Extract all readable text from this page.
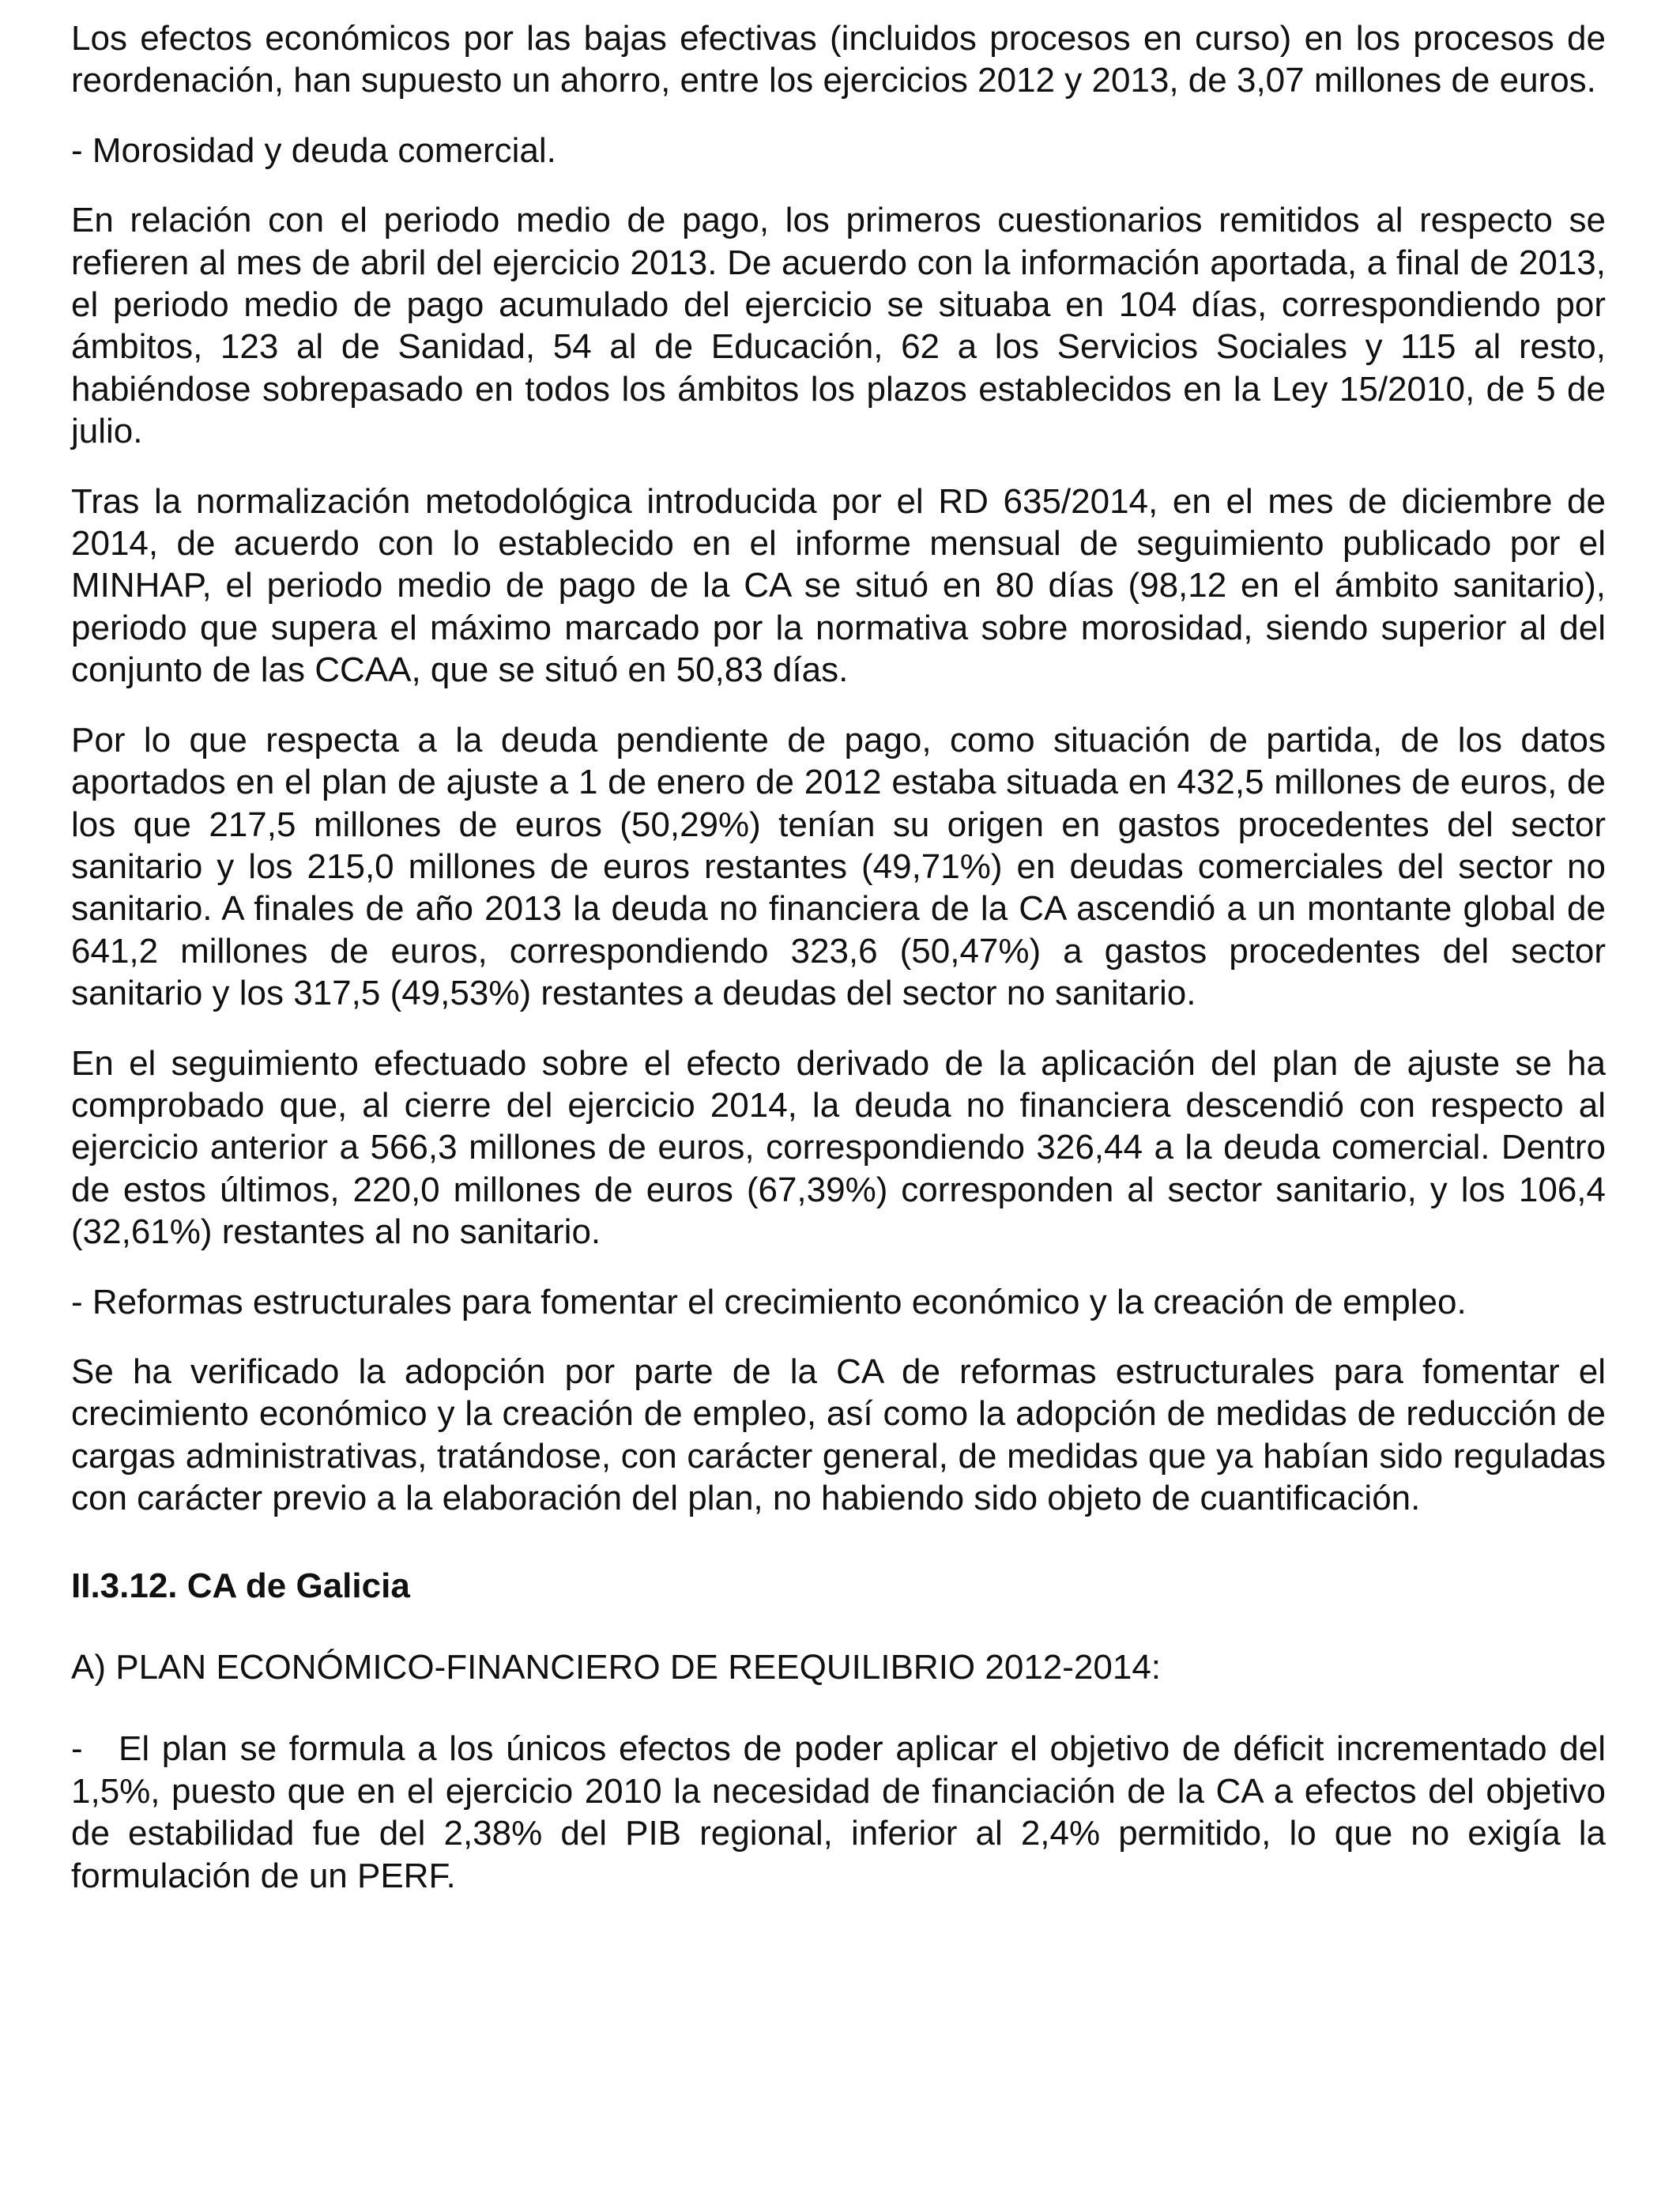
Los efectos económicos por las bajas efectivas (incluidos procesos en curso) en los procesos de reordenación, han supuesto un ahorro, entre los ejercicios 2012 y 2013, de 3,07 millones de euros.

- Morosidad y deuda comercial.

En relación con el periodo medio de pago, los primeros cuestionarios remitidos al respecto se refieren al mes de abril del ejercicio 2013. De acuerdo con la información aportada, a final de 2013, el periodo medio de pago acumulado del ejercicio se situaba en 104 días, correspondiendo por ámbitos, 123 al de Sanidad, 54 al de Educación, 62 a los Servicios Sociales y 115 al resto, habiéndose sobrepasado en todos los ámbitos los plazos establecidos en la Ley 15/2010, de 5 de julio.

Tras la normalización metodológica introducida por el RD 635/2014, en el mes de diciembre de 2014, de acuerdo con lo establecido en el informe mensual de seguimiento publicado por el MINHAP, el periodo medio de pago de la CA se situó en 80 días (98,12 en el ámbito sanitario), periodo que supera el máximo marcado por la normativa sobre morosidad, siendo superior al del conjunto de las CCAA, que se situó en 50,83 días.

Por lo que respecta a la deuda pendiente de pago, como situación de partida, de los datos aportados en el plan de ajuste a 1 de enero de 2012 estaba situada en 432,5 millones de euros, de los que 217,5 millones de euros (50,29%) tenían su origen en gastos procedentes del sector sanitario y los 215,0 millones de euros restantes (49,71%) en deudas comerciales del sector no sanitario. A finales de año 2013 la deuda no financiera de la CA ascendió a un montante global de 641,2 millones de euros, correspondiendo 323,6 (50,47%) a gastos procedentes del sector sanitario y los 317,5 (49,53%) restantes a deudas del sector no sanitario.

En el seguimiento efectuado sobre el efecto derivado de la aplicación del plan de ajuste se ha comprobado que, al cierre del ejercicio 2014, la deuda no financiera descendió con respecto al ejercicio anterior a 566,3 millones de euros, correspondiendo 326,44 a la deuda comercial. Dentro de estos últimos, 220,0 millones de euros (67,39%) corresponden al sector sanitario, y los 106,4 (32,61%) restantes al no sanitario.

- Reformas estructurales para fomentar el crecimiento económico y la creación de empleo.

Se ha verificado la adopción por parte de la CA de reformas estructurales para fomentar el crecimiento económico y la creación de empleo, así como la adopción de medidas de reducción de cargas administrativas, tratándose, con carácter general, de medidas que ya habían sido reguladas con carácter previo a la elaboración del plan, no habiendo sido objeto de cuantificación.

II.3.12. CA de Galicia

A) PLAN ECONÓMICO-FINANCIERO DE REEQUILIBRIO 2012-2014:

- El plan se formula a los únicos efectos de poder aplicar el objetivo de déficit incrementado del 1,5%, puesto que en el ejercicio 2010 la necesidad de financiación de la CA a efectos del objetivo de estabilidad fue del 2,38% del PIB regional, inferior al 2,4% permitido, lo que no exigía la formulación de un PERF.
